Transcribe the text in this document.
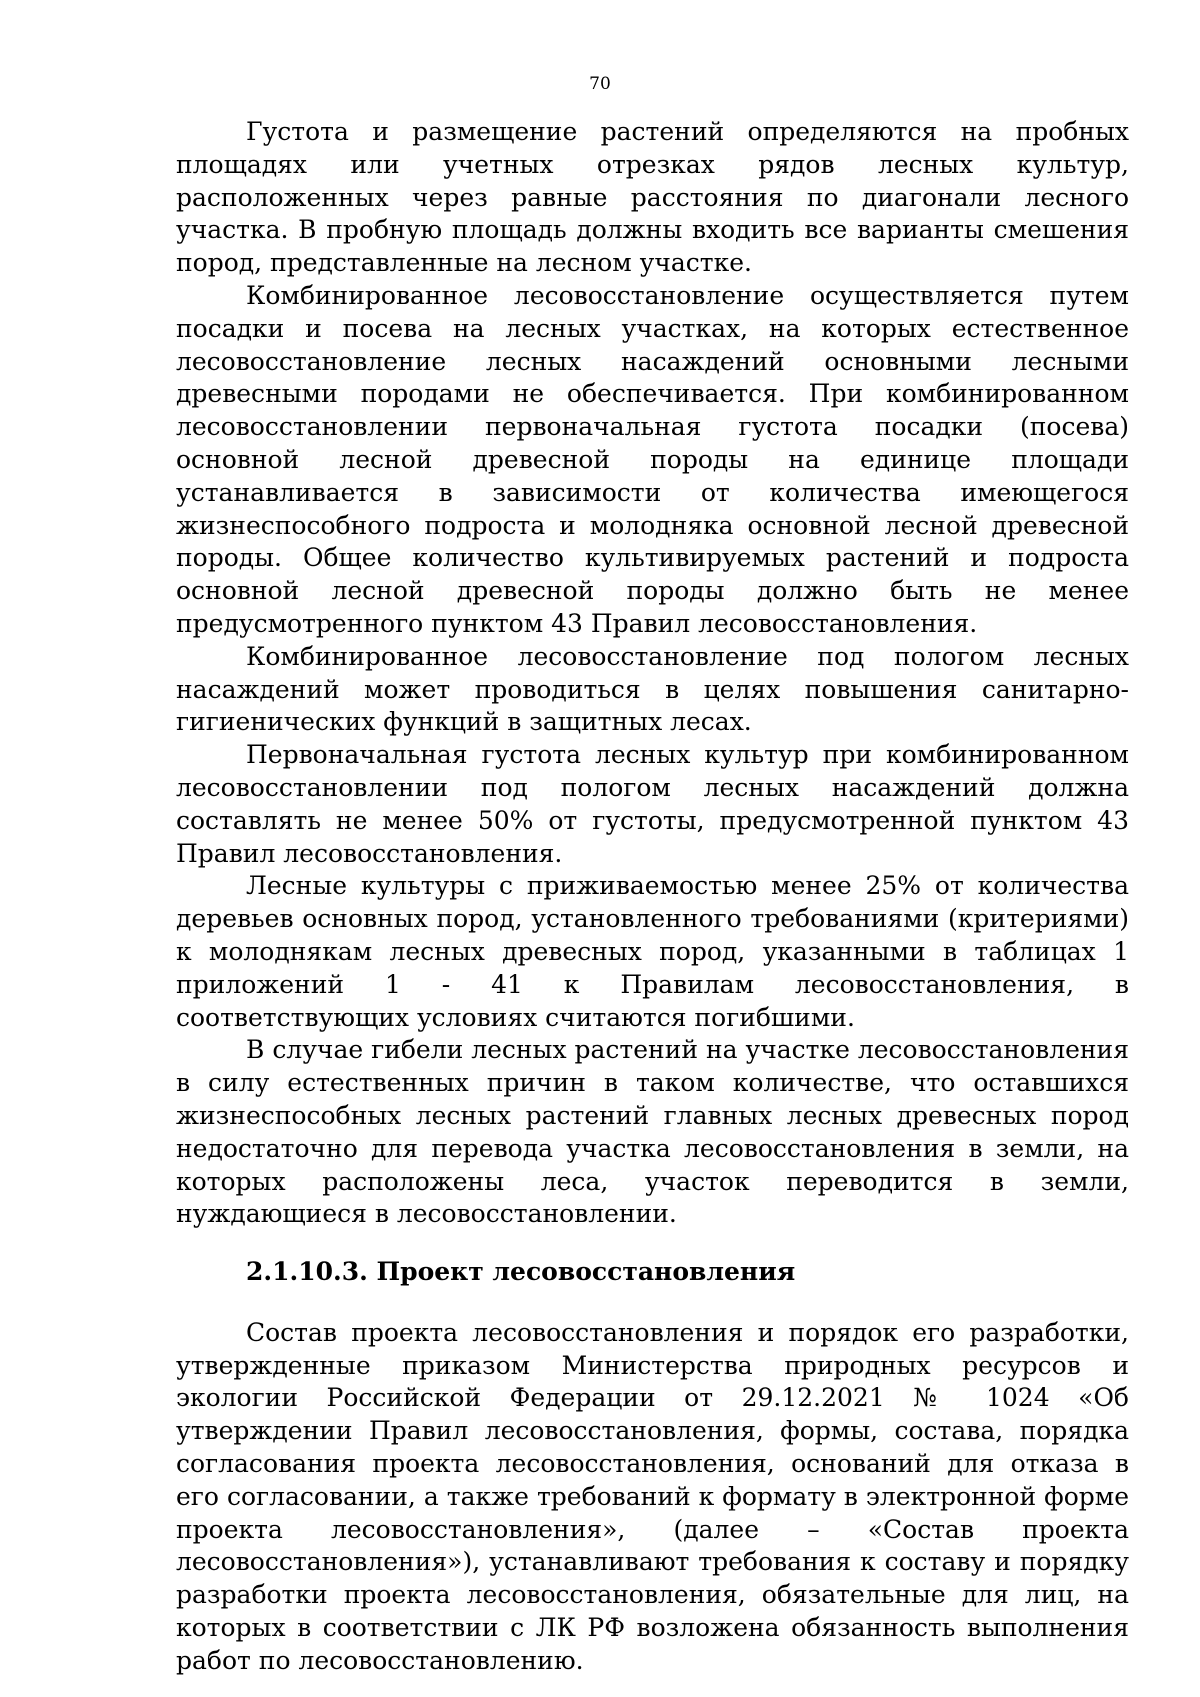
70

Густота и размещение растений определяются на пробных площадях или учетных отрезках рядов лесных культур, расположенных через равные расстояния по диагонали лесного участка. В пробную площадь должны входить все варианты смешения пород, представленные на лесном участке.

Комбинированное лесовосстановление осуществляется путем посадки и посева на лесных участках, на которых естественное лесовосстановление лесных насаждений основными лесными древесными породами не обеспечивается. При комбинированном лесовосстановлении первоначальная густота посадки (посева) основной лесной древесной породы на единице площади устанавливается в зависимости от количества имеющегося жизнеспособного подроста и молодняка основной лесной древесной породы. Общее количество культивируемых растений и подроста основной лесной древесной породы должно быть не менее предусмотренного пунктом 43 Правил лесовосстановления.

Комбинированное лесовосстановление под пологом лесных насаждений может проводиться в целях повышения санитарно-гигиенических функций в защитных лесах.

Первоначальная густота лесных культур при комбинированном лесовосстановлении под пологом лесных насаждений должна составлять не менее 50% от густоты, предусмотренной пунктом 43 Правил лесовосстановления.

Лесные культуры с приживаемостью менее 25% от количества деревьев основных пород, установленного требованиями (критериями) к молоднякам лесных древесных пород, указанными в таблицах 1 приложений 1 - 41 к Правилам лесовосстановления, в соответствующих условиях считаются погибшими.

В случае гибели лесных растений на участке лесовосстановления в силу естественных причин в таком количестве, что оставшихся жизнеспособных лесных растений главных лесных древесных пород недостаточно для перевода участка лесовосстановления в земли, на которых расположены леса, участок переводится в земли, нуждающиеся в лесовосстановлении.

2.1.10.3. Проект лесовосстановления

Состав проекта лесовосстановления и порядок его разработки, утвержденные приказом Министерства природных ресурсов и экологии Российской Федерации от 29.12.2021 № 1024 «Об утверждении Правил лесовосстановления, формы, состава, порядка согласования проекта лесовосстановления, оснований для отказа в его согласовании, а также требований к формату в электронной форме проекта лесовосстановления», (далее – «Состав проекта лесовосстановления»), устанавливают требования к составу и порядку разработки проекта лесовосстановления, обязательные для лиц, на которых в соответствии с ЛК РФ возложена обязанность выполнения работ по лесовосстановлению.
